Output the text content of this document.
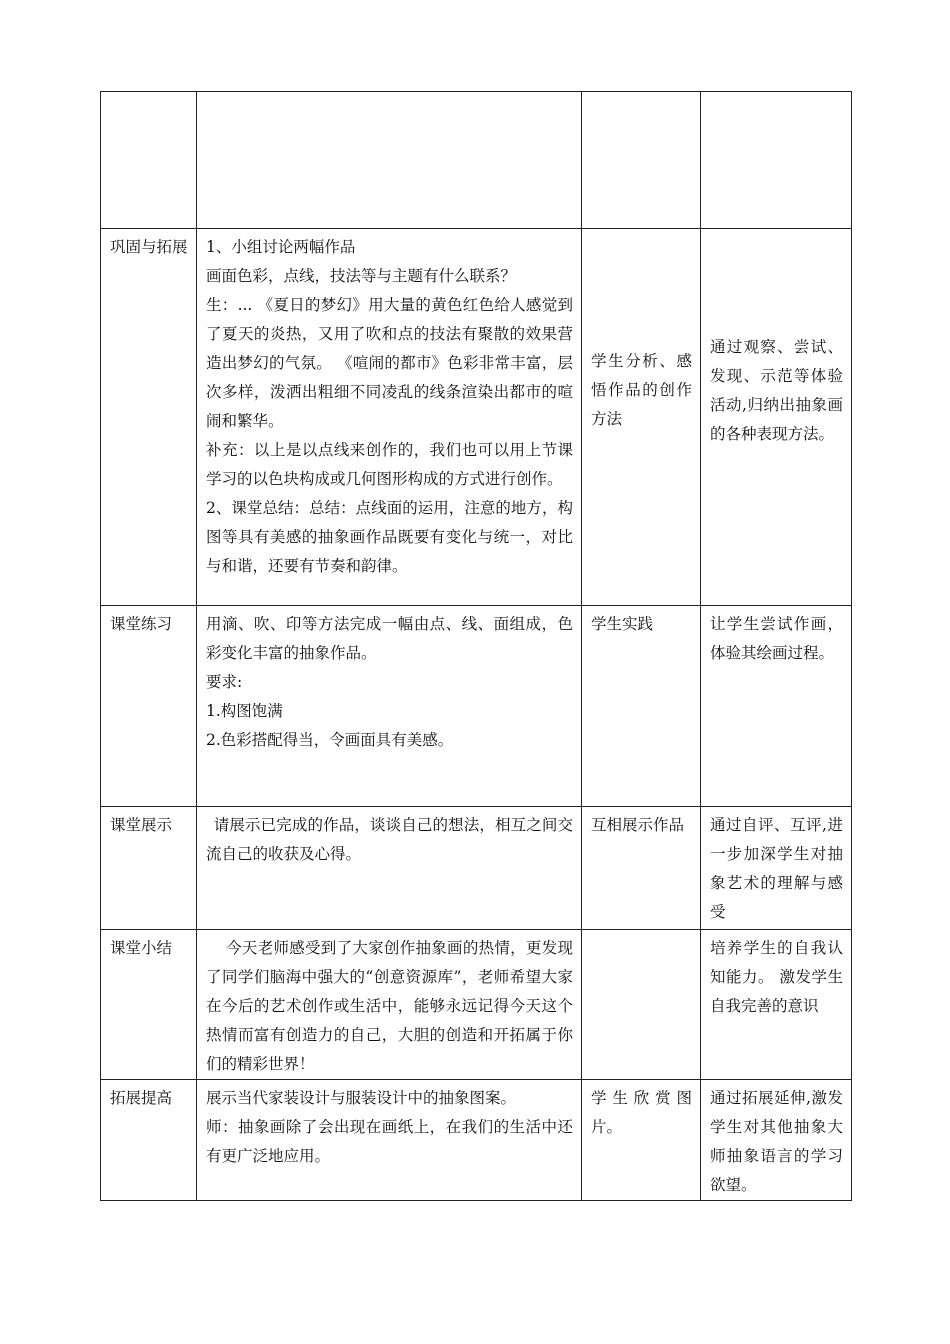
巩固与拓展	1、小组讨论两幅作品

画面色彩，点线，技法等与主题有什么联系？

生：... 《夏日的梦幻》用大量的黄色红色给人感觉到了夏天的炎热，又用了吹和点的技法有聚散的效果营造出梦幻的气氛。 《喧闹的都市》色彩非常丰富，层次多样，泼洒出粗细不同凌乱的线条渲染出都市的喧闹和繁华。

补充：以上是以点线来创作的，我们也可以用上节课学习的以色块构成或几何图形构成的方式进行创作。

2、课堂总结：总结：点线面的运用，注意的地方，构图等具有美感的抽象画作品既要有变化与统一，对比与和谐，还要有节奏和韵律。	学生分析、感悟作品的创作方法	通过观察、尝试、发现、示范等体验活动,归纳出抽象画的各种表现方法。

课堂练习	用滴、吹、印等方法完成一幅由点、线、面组成，色彩变化丰富的抽象作品。

要求:

1.构图饱满

2.色彩搭配得当，令画面具有美感。	学生实践	让学生尝试作画，体验其绘画过程。

课堂展示	请展示已完成的作品，谈谈自己的想法，相互之间交流自己的收获及心得。	互相展示作品	通过自评、互评,进一步加深学生对抽象艺术的理解与感受

课堂小结	今天老师感受到了大家创作抽象画的热情，更发现了同学们脑海中强大的“创意资源库”，老师希望大家在今后的艺术创作或生活中，能够永远记得今天这个热情而富有创造力的自己，大胆的创造和开拓属于你们的精彩世界！		培养学生的自我认知能力。 激发学生自我完善的意识

拓展提高	展示当代家装设计与服装设计中的抽象图案。

师：抽象画除了会出现在画纸上，在我们的生活中还有更广泛地应用。	学生欣赏图片。	通过拓展延伸,激发学生对其他抽象大师抽象语言的学习欲望。
